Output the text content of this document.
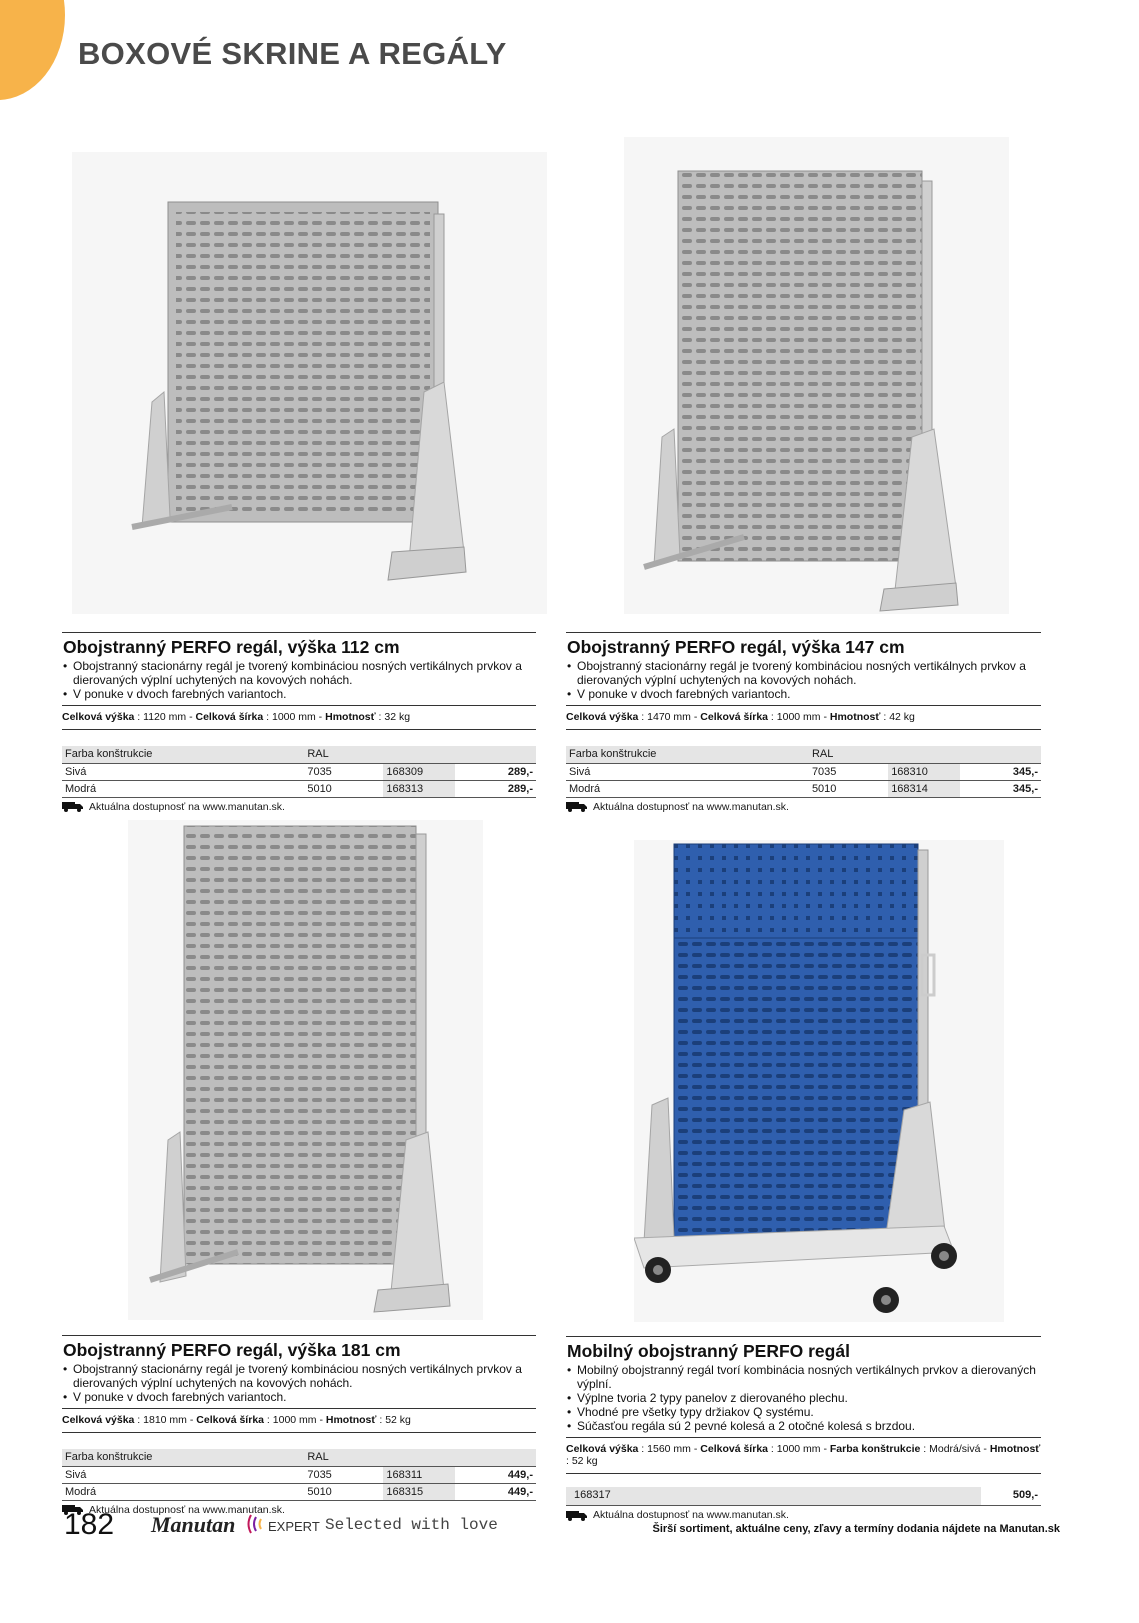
BOXOVÉ SKRINE A REGÁLY
Obojstranný PERFO regál, výška 112 cm
• Obojstranný stacionárny regál je tvorený kombináciou nosných vertikálnych prvkov a dierovaných výplní uchytených na kovových nohách.
• V ponuke v dvoch farebných variantoch.
Celková výška : 1120 mm - Celková šírka : 1000 mm - Hmotnosť : 32 kg
Farba konštrukcie	RAL		
Sivá	7035	168309	289,-
Modrá	5010	168313	289,-
Aktuálna dostupnosť na www.manutan.sk.
Obojstranný PERFO regál, výška 147 cm
• Obojstranný stacionárny regál je tvorený kombináciou nosných vertikálnych prvkov a dierovaných výplní uchytených na kovových nohách.
• V ponuke v dvoch farebných variantoch.
Celková výška : 1470 mm - Celková šírka : 1000 mm - Hmotnosť : 42 kg
Farba konštrukcie	RAL		
Sivá	7035	168310	345,-
Modrá	5010	168314	345,-
Aktuálna dostupnosť na www.manutan.sk.
Obojstranný PERFO regál, výška 181 cm
• Obojstranný stacionárny regál je tvorený kombináciou nosných vertikálnych prvkov a dierovaných výplní uchytených na kovových nohách.
• V ponuke v dvoch farebných variantoch.
Celková výška : 1810 mm - Celková šírka : 1000 mm - Hmotnosť : 52 kg
Farba konštrukcie	RAL		
Sivá	7035	168311	449,-
Modrá	5010	168315	449,-
Aktuálna dostupnosť na www.manutan.sk.
Mobilný obojstranný PERFO regál
• Mobilný obojstranný regál tvorí kombinácia nosných vertikálnych prvkov a dierovaných výplní.
• Výplne tvoria 2 typy panelov z dierovaného plechu.
• Vhodné pre všetky typy držiakov Q systému.
• Súčasťou regála sú 2 pevné kolesá a 2 otočné kolesá s brzdou.
Celková výška : 1560 mm - Celková šírka : 1000 mm - Farba konštrukcie : Modrá/sivá - Hmotnosť : 52 kg
168317	509,-
Aktuálna dostupnosť na www.manutan.sk.
182 Manutan	EXPERT Selected with love	Širší sortiment, aktuálne ceny, zľavy a termíny dodania nájdete na Manutan.sk
